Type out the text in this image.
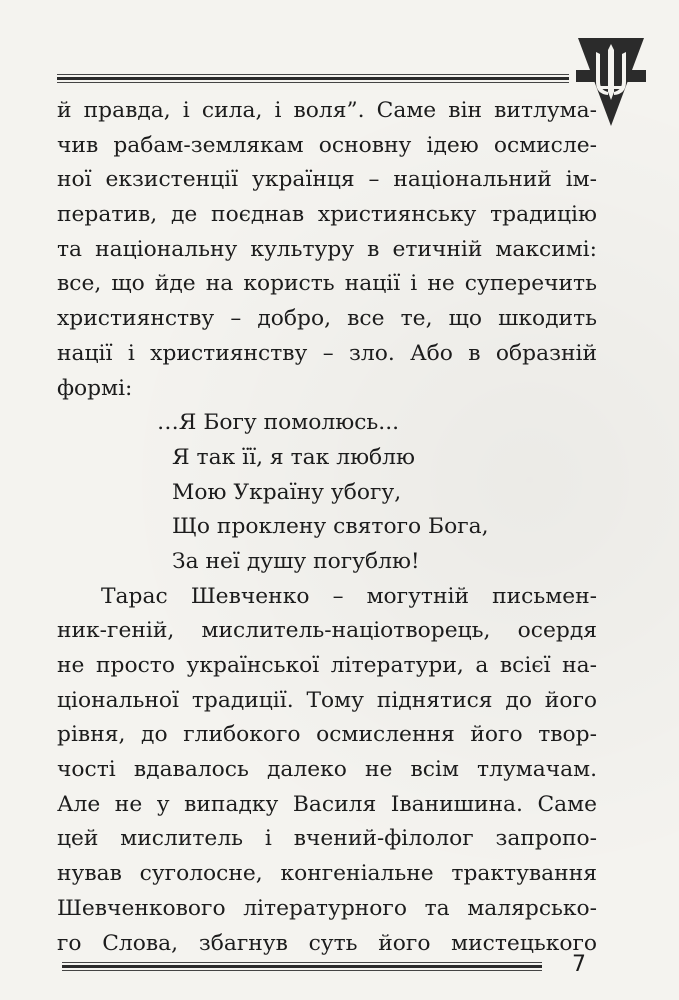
й правда, і сила, і воля”. Саме він витлума-
чив рабам-землякам основну ідею осмисле-
ної екзистенції українця – національний ім-
ператив, де поєднав християнську традицію
та національну культуру в етичній максимі:
все, що йде на користь нації і не суперечить
християнству – добро, все те, що шкодить
нації і християнству – зло. Або в образній
формі:
…Я Богу помолюсь...
Я так її, я так люблю
Мою Україну убогу,
Що проклену святого Бога,
За неї душу погублю!
Тарас Шевченко – могутній письмен-
ник-геній, мислитель-націотворець, осердя
не просто української літератури, а всієї на-
ціональної традиції. Тому піднятися до його
рівня, до глибокого осмислення його твор-
чості вдавалось далеко не всім тлумачам.
Але не у випадку Василя Іванишина. Саме
цей мислитель і вчений-філолог запропо-
нував суголосне, конгеніальне трактування
Шевченкового літературного та малярсько-
го Слова, збагнув суть його мистецького
7
